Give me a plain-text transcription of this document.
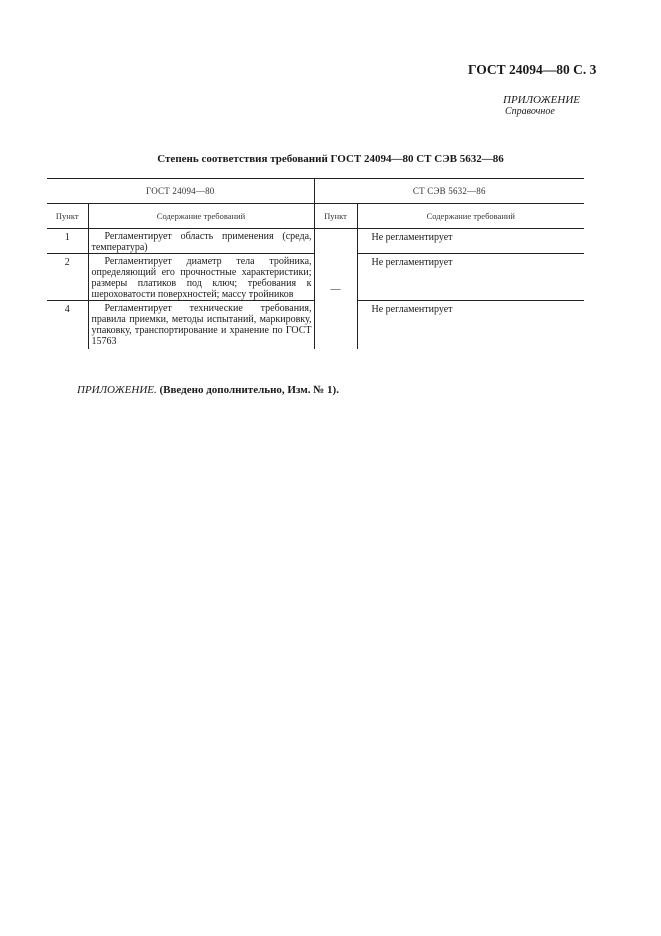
ГОСТ 24094—80 С. 3
ПРИЛОЖЕНИЕ
Справочное
Степень соответствия требований ГОСТ 24094—80 СТ СЭВ 5632—86
ГОСТ 24094—80		СТ СЭВ 5632—86	
Пункт	Содержание требований	Пункт	Содержание требований
1	Регламентирует область применения (среда, температура)	—	Не регламентирует
2	Регламентирует диаметр тела тройника, определяющий его прочностные характеристики; размеры платиков под ключ; требования к шероховатости поверхностей; массу тройников		Не регламентирует
4	Регламентирует технические требования, правила приемки, методы испытаний, маркировку, упаковку, транспортирование и хранение по ГОСТ 15763		Не регламентирует
ПРИЛОЖЕНИЕ. (Введено дополнительно, Изм. № 1).
